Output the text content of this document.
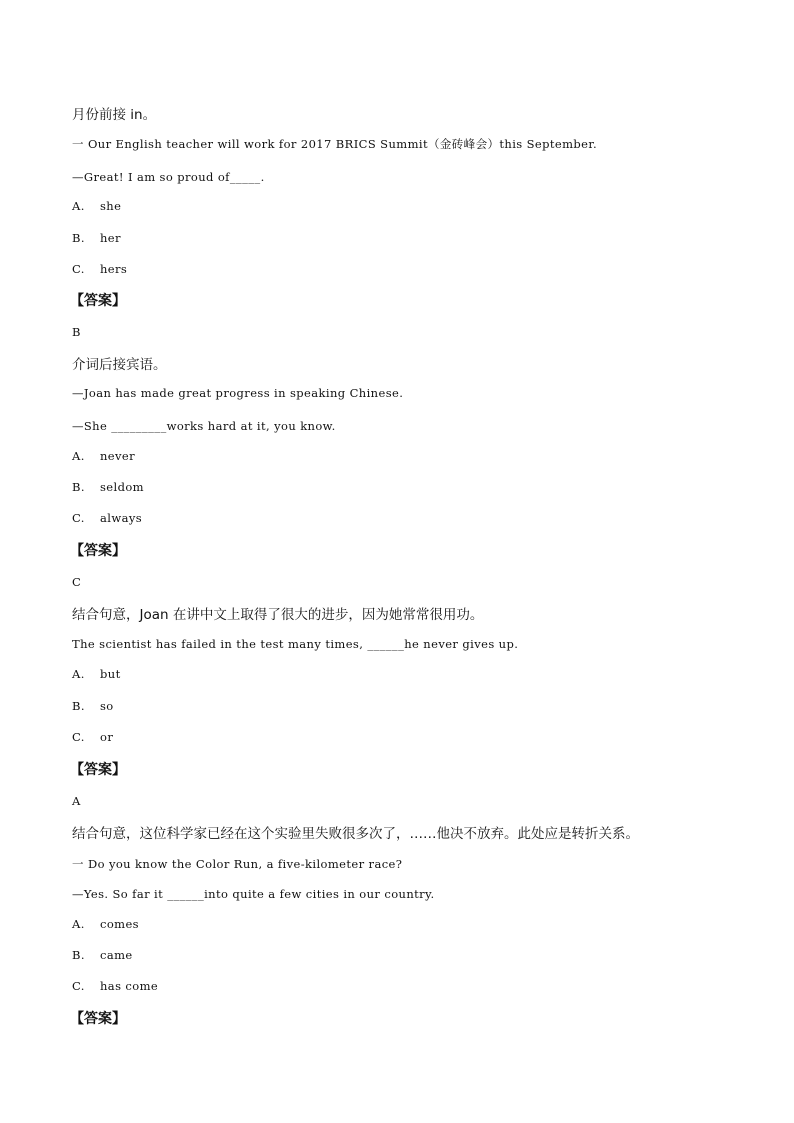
月份前接 in。
一 Our English teacher will work for 2017 BRICS Summit（金砖峰会）this September.
—Great! I am so proud of_____.
A. she
B. her
C. hers
【答案】
B
介词后接宾语。
—Joan has made great progress in speaking Chinese.
—She _________works hard at it, you know.
A. never
B. seldom
C. always
【答案】
C
结合句意，Joan 在讲中文上取得了很大的进步，因为她常常很用功。
The scientist has failed in the test many times, ______he never gives up.
A. but
B. so
C. or
【答案】
A
结合句意，这位科学家已经在这个实验里失败很多次了，……他决不放弃。此处应是转折关系。
一 Do you know the Color Run, a five-kilometer race?
—Yes. So far it ______into quite a few cities in our country.
A. comes
B. came
C. has come
【答案】
